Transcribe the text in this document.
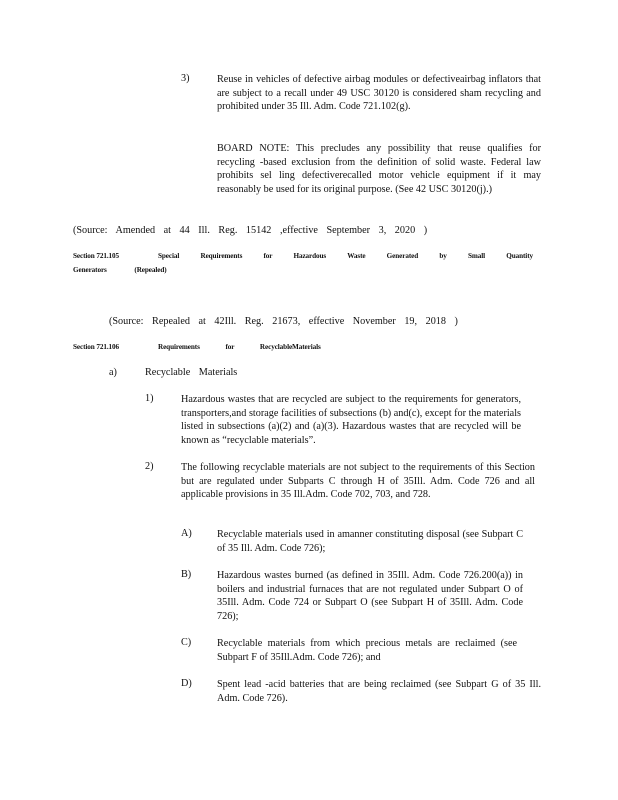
3)	Reuse in vehicles of defective airbag modules or defectiveairbag inflators that are subject to a recall under 49 USC 30120 is considered sham recycling and prohibited under 35 Ill. Adm. Code 721.102(g).
BOARD NOTE: This precludes any possibility that reuse qualifies for recycling -based exclusion from the definition of solid waste. Federal law prohibits sel ling defectiverecalled motor vehicle equipment if it may reasonably be used for its original purpose. (See 42 USC 30120(j).)
(Source: Amended at 44 Ill. Reg. 15142 ,effective September 3, 2020 )
Section 721.105	Special Requirements for Hazardous Waste Generated by Small Quantity
Generators (Repealed)
(Source: Repealed at 42Ill. Reg. 21673, effective November 19, 2018 )
Section 721.106	Requirements for RecyclableMaterials
a)	Recyclable Materials
1)	Hazardous wastes that are recycled are subject to the requirements for generators, transporters,and storage facilities of subsections (b) and(c), except for the materials listed in subsections (a)(2) and (a)(3). Hazardous wastes that are recycled will be known as “recyclable materials”.
2)	The following recyclable materials are not subject to the requirements of this Section but are regulated under Subparts C through H of 35Ill. Adm. Code 726 and all applicable provisions in 35 Ill.Adm. Code 702, 703, and 728.
A) Recyclable materials used in amanner constituting disposal (see Subpart C of 35 Ill. Adm. Code 726);
B)	Hazardous wastes burned (as defined in 35Ill. Adm. Code 726.200(a)) in boilers and industrial furnaces that are not regulated under Subpart O of 35Ill. Adm. Code 724 or Subpart O (see Subpart H of 35Ill. Adm. Code 726);
C)	Recyclable materials from which precious metals are reclaimed (see Subpart F of 35Ill.Adm. Code 726); and
D) Spent lead -acid batteries that are being reclaimed (see Subpart G of 35 Ill. Adm. Code 726).
